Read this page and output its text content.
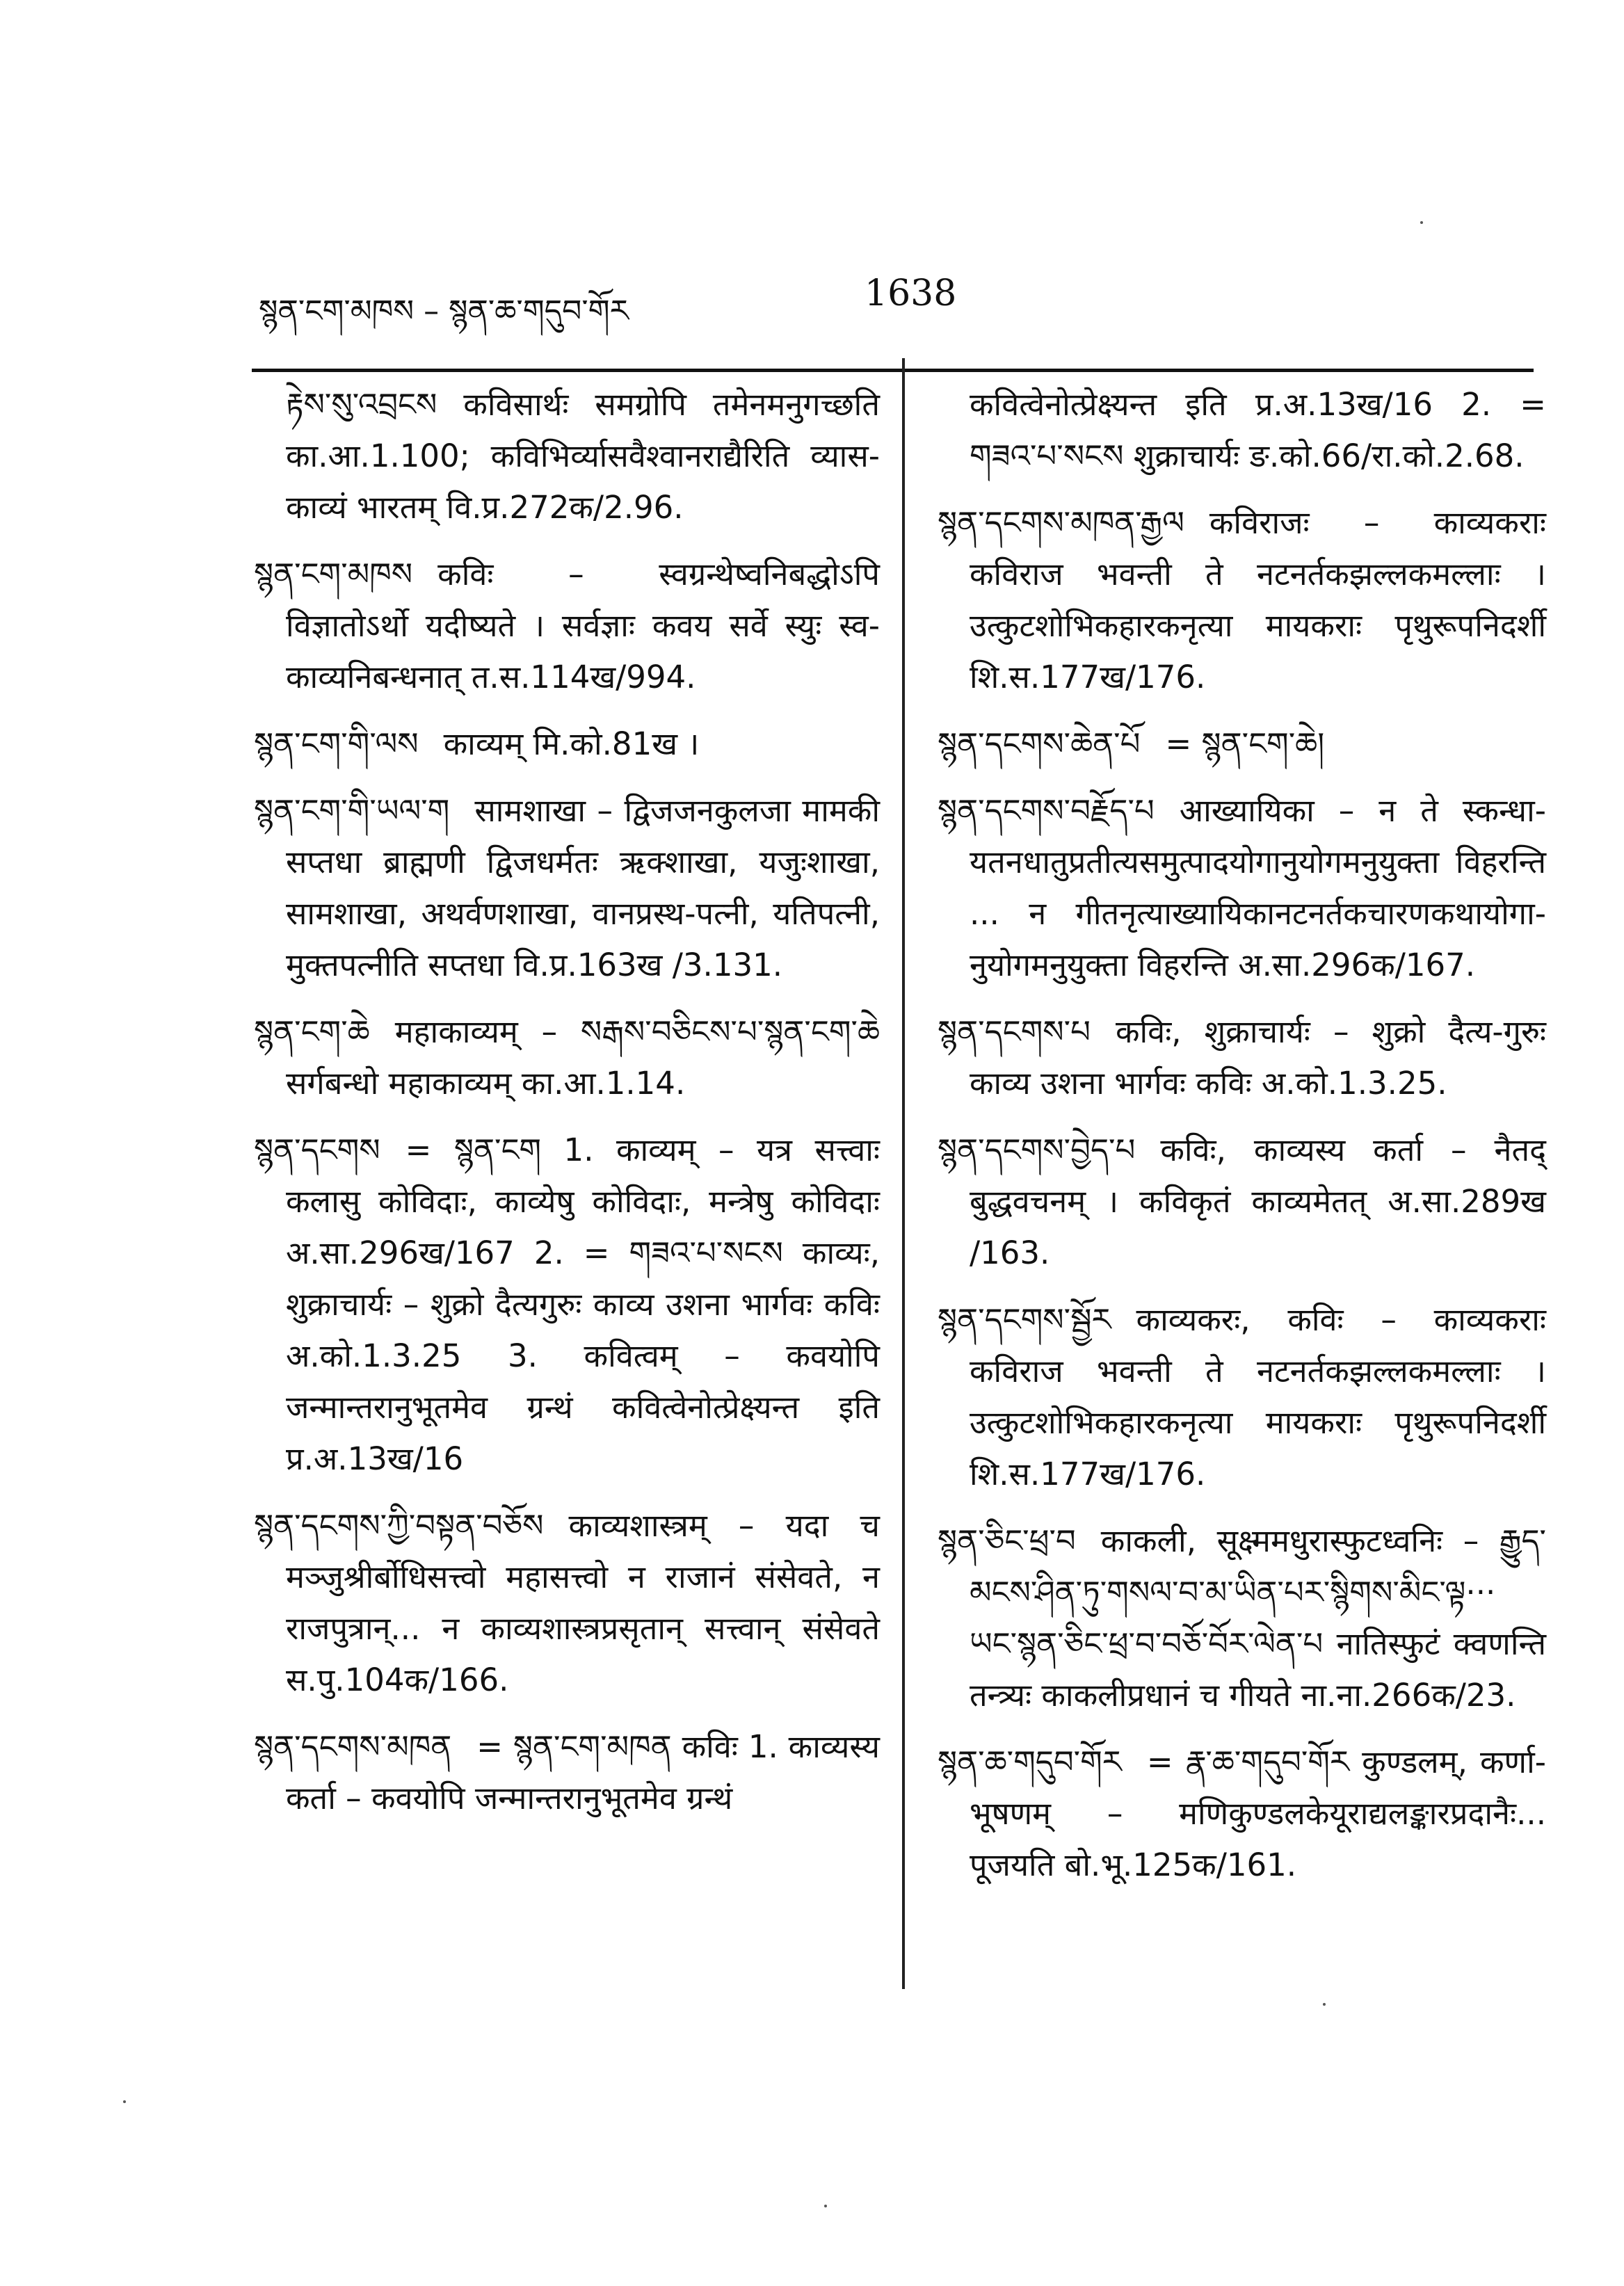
སྙན་ངག་མཁས – སྙན་ཆ་གདུབ་གོར	1638

རྟེས་སུ་འབྲངས कविसार्थः समग्रोपि तमेनमनुगच्छति का.आ.1.100; कविभिर्व्यासवैश्वानराद्यैरिति व्यास-काव्यं भारतम् वि.प्र.272क/2.96.

སྙན་ངག་མཁས कविः – स्वग्रन्थेष्वनिबद्धोऽपि विज्ञातोऽर्थो यदीष्यते । सर्वज्ञाः कवय सर्वे स्युः स्व-काव्यनिबन्धनात् त.स.114ख/994.

སྙན་ངག་གི་ལས काव्यम् मि.को.81ख ।

སྙན་ངག་གི་ཡལ་ག सामशाखा – द्विजजनकुलजा मामकी सप्तधा ब्राह्मणी द्विजधर्मतः ऋक्शाखा, यजुःशाखा, सामशाखा, अथर्वणशाखा, वानप्रस्थ-पत्नी, यतिपत्नी, मुक्तपत्नीति सप्तधा वि.प्र.163ख /3.131.

སྙན་ངག་ཆེ महाकाव्यम् – སརྒས་བཅིངས་པ་སྙན་ངག་ཆེ सर्गबन्धो महाकाव्यम् का.आ.1.14.

སྙན་དངགས = སྙན་ངག 1. काव्यम् – यत्र सत्त्वाः कलासु कोविदाः, काव्येषु कोविदाः, मन्त्रेषु कोविदाः अ.सा.296ख/167 2. = གཟའ་པ་སངས काव्यः, शुक्राचार्यः – शुक्रो दैत्यगुरुः काव्य उशना भार्गवः कविः अ.को.1.3.25 3. कवित्वम् – कवयोपि जन्मान्तरानुभूतमेव ग्रन्थं कवित्वेनोत्प्रेक्ष्यन्त इति प्र.अ.13ख/16

སྙན་དངགས་ཀྱི་བསྟན་བཅོས काव्यशास्त्रम् – यदा च मञ्जुश्रीर्बोधिसत्त्वो महासत्त्वो न राजानं संसेवते, न राजपुत्रान्... न काव्यशास्त्रप्रसृतान् सत्त्वान् संसेवते स.पु.104क/166.

སྙན་དངགས་མཁན = སྙན་ངག་མཁན कविः 1. काव्यस्य कर्ता – कवयोपि जन्मान्तरानुभूतमेव ग्रन्थं

कवित्वेनोत्प्रेक्ष्यन्त इति प्र.अ.13ख/16 2. = གཟའ་པ་སངས शुक्राचार्यः ङ.को.66/रा.को.2.68.

སྙན་དངགས་མཁན་རྒྱལ कविराजः – काव्यकराः कविराज भवन्ती ते नटनर्तकझल्लकमल्लाः । उत्कुटशोभिकहारकनृत्या मायकराः पृथुरूपनिदर्शी शि.स.177ख/176.

སྙན་དངགས་ཆེན་པོ = སྙན་ངག་ཆེ།

སྙན་དངགས་བརྗོད་པ आख्यायिका – न ते स्कन्धा-यतनधातुप्रतीत्यसमुत्पादयोगानुयोगमनुयुक्ता विहरन्ति ... न गीतनृत्याख्यायिकानटनर्तकचारणकथायोगा-नुयोगमनुयुक्ता विहरन्ति अ.सा.296क/167.

སྙན་དངགས་པ कविः, शुक्राचार्यः – शुक्रो दैत्य-गुरुः काव्य उशना भार्गवः कविः अ.को.1.3.25.

སྙན་དངགས་བྱེད་པ कविः, काव्यस्य कर्ता – नैतद् बुद्धवचनम् । कविकृतं काव्यमेतत् अ.सा.289ख /163.

སྙན་དངགས་སྦྱོར काव्यकरः, कविः – काव्यकराः कविराज भवन्ती ते नटनर्तकझल्लकमल्लाः । उत्कुटशोभिकहारकनृत्या मायकराः पृथुरूपनिदर्शी शि.स.177ख/176.

སྙན་ཅིང་ཕྲ་བ काकली, सूक्ष्ममधुरास्फुटध्वनिः – རྒྱུད་མངས་ཤིན་ཏུ་གསལ་བ་མ་ཡིན་པར་སྙིགས་མིང་ལྟ··· ཡང་སྙན་ཅིང་ཕྲ་བ་བཅོ་བོར་ལེན་པ नातिस्फुटं क्वणन्ति तन्त्र्यः काकलीप्रधानं च गीयते ना.ना.266क/23.

སྙན་ཆ་གདུབ་གོར = རྣ་ཆ་གདུབ་གོར कुण्डलम्, कर्णा-भूषणम् – मणिकुण्डलकेयूराद्यलङ्कारप्रदानैः... पूजयति बो.भू.125क/161.
